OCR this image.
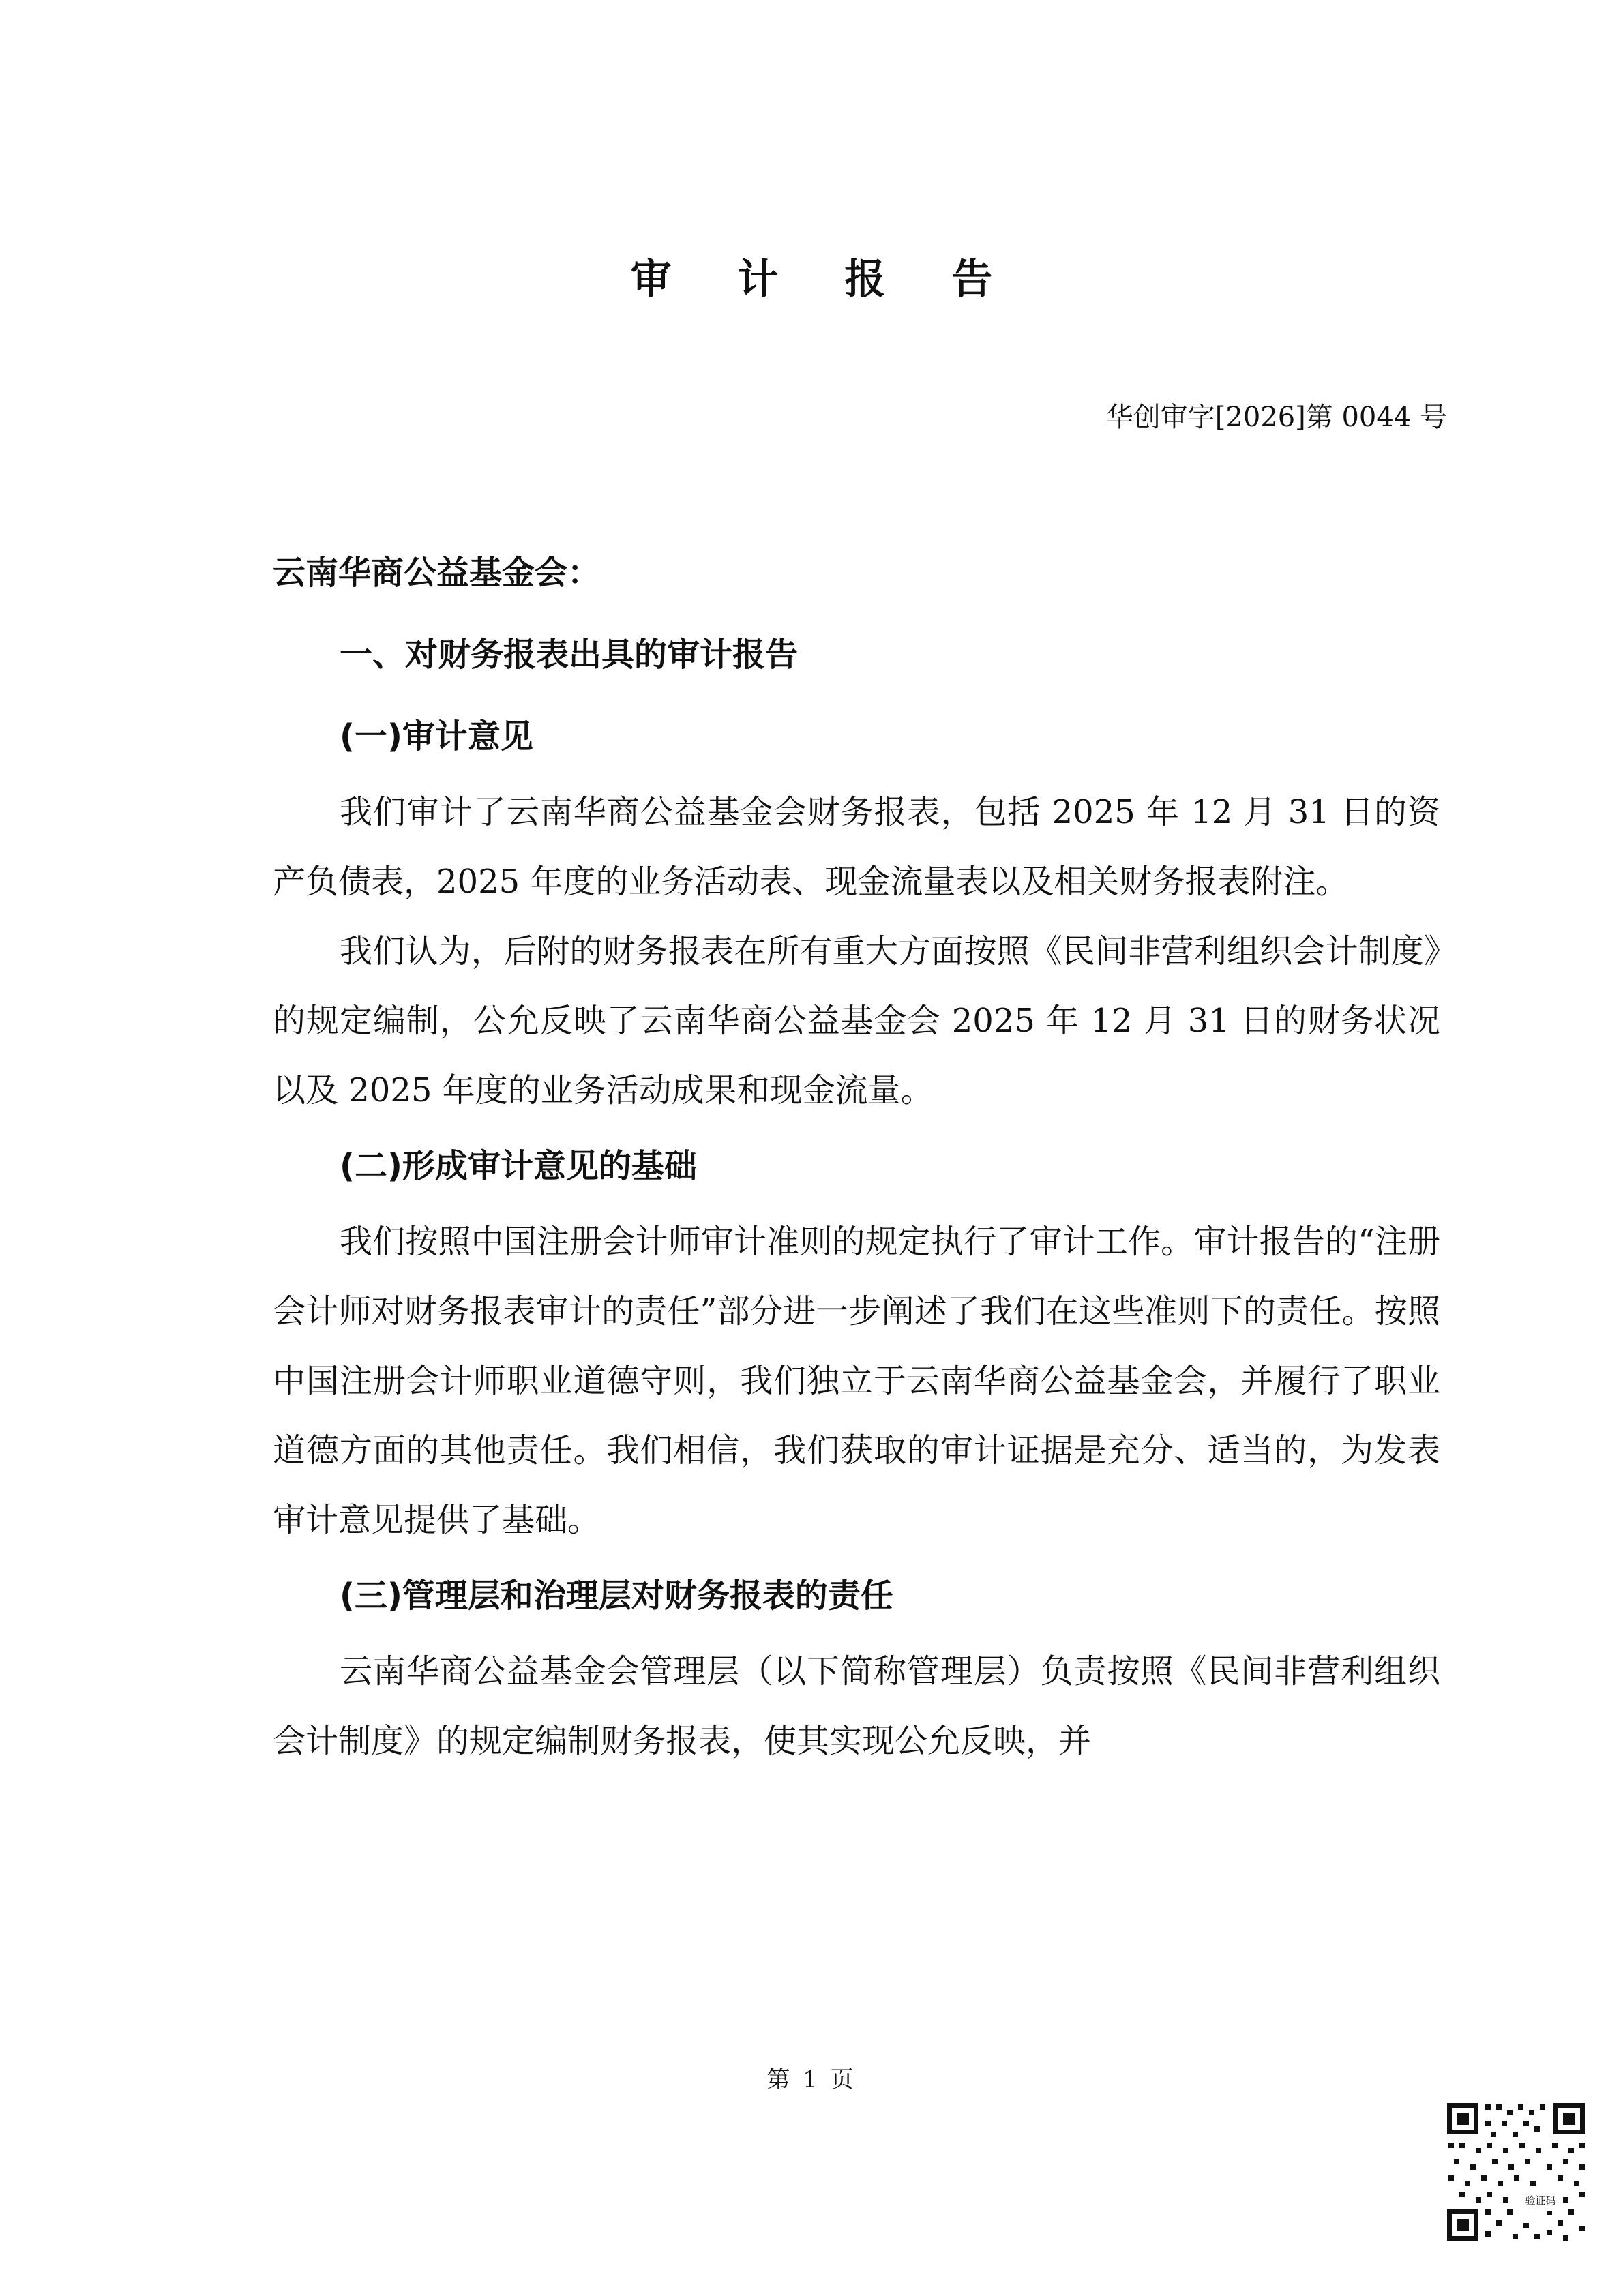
审 计 报 告
华创审字[2026]第 0044 号

云南华商公益基金会：

一、对财务报表出具的审计报告

(一)审计意见

我们审计了云南华商公益基金会财务报表，包括 2025 年 12 月 31 日的资产负债表，2025 年度的业务活动表、现金流量表以及相关财务报表附注。

我们认为，后附的财务报表在所有重大方面按照《民间非营利组织会计制度》的规定编制，公允反映了云南华商公益基金会 2025 年 12 月 31 日的财务状况以及 2025 年度的业务活动成果和现金流量。

(二)形成审计意见的基础

我们按照中国注册会计师审计准则的规定执行了审计工作。审计报告的“注册会计师对财务报表审计的责任”部分进一步阐述了我们在这些准则下的责任。按照中国注册会计师职业道德守则，我们独立于云南华商公益基金会，并履行了职业道德方面的其他责任。我们相信，我们获取的审计证据是充分、适当的，为发表审计意见提供了基础。

(三)管理层和治理层对财务报表的责任

云南华商公益基金会管理层（以下简称管理层）负责按照《民间非营利组织会计制度》的规定编制财务报表，使其实现公允反映，并

第 1 页
验证码
